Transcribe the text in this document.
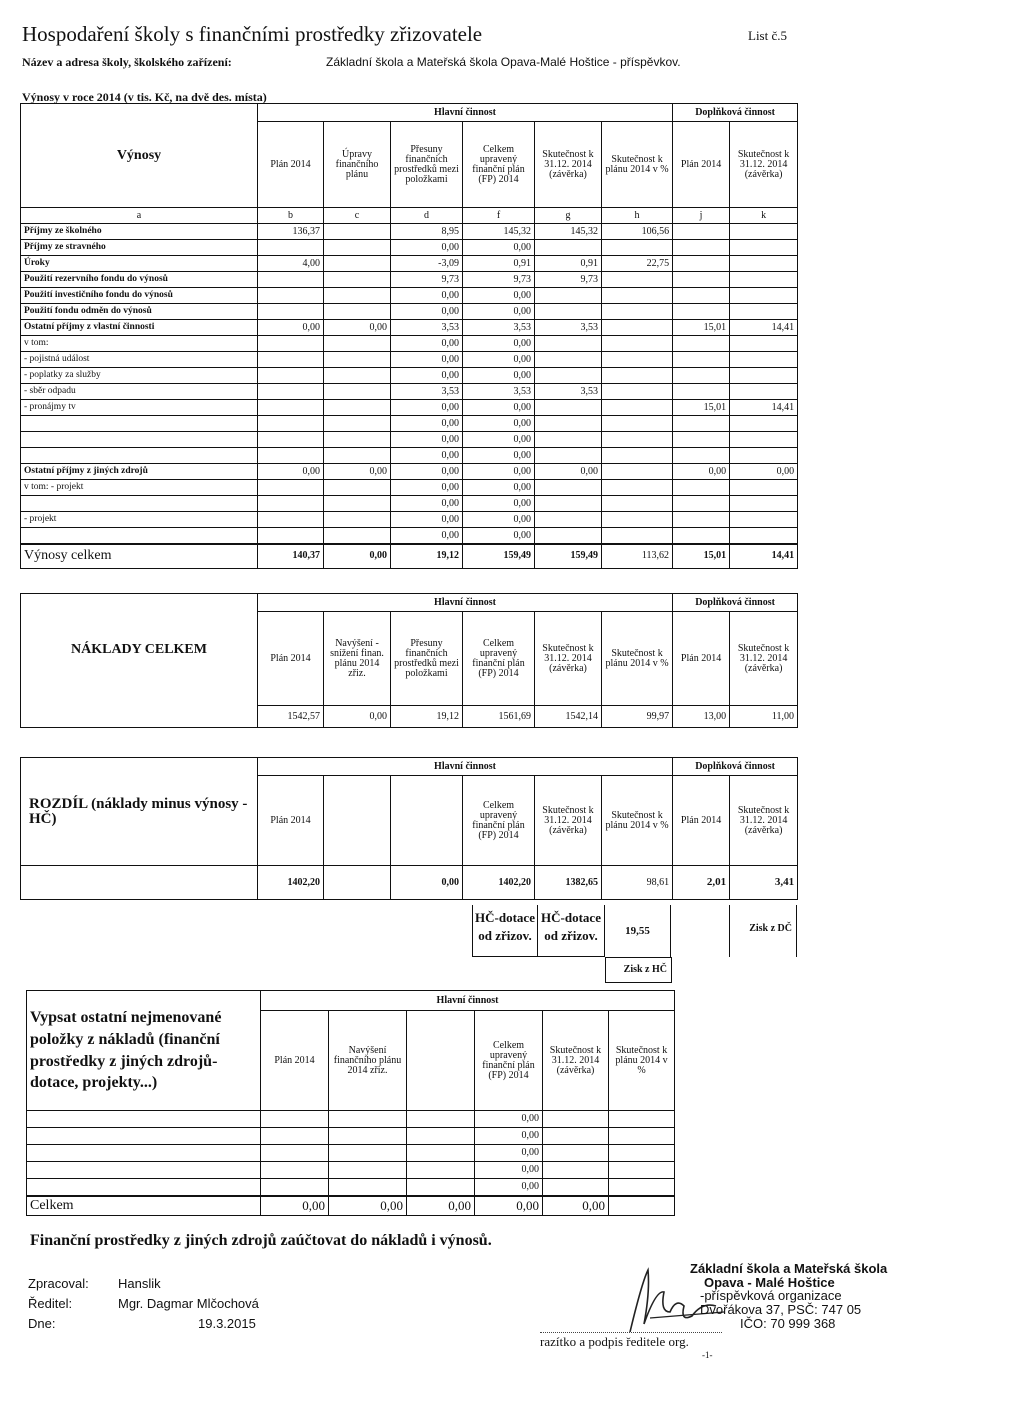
Hospodaření školy s finančními prostředky zřizovatele	List č.5
Název a adresa školy, školského zařízení:	Základní škola a Mateřská škola Opava-Malé Hoštice - příspěvkov.
Výnosy v roce 2014 (v tis. Kč, na dvě des. místa)
Výnosy	Hlavní činnost						Doplňková činnost	
	Plán 2014	Úpravy finančního plánu	Přesuny finančních prostředků mezi položkami	Celkem upravený finanční plán (FP) 2014	Skutečnost k 31.12. 2014 (závěrka)	Skutečnost k plánu 2014 v %	Plán 2014	Skutečnost k 31.12. 2014 (závěrka)
a	b	c	d	f	g	h	j	k
Příjmy ze školného	136,37		8,95	145,32	145,32	106,56		
Příjmy ze stravného			0,00	0,00				
Úroky	4,00		-3,09	0,91	0,91	22,75		
Použití rezervního fondu do výnosů			9,73	9,73	9,73			
Použití investičního fondu do výnosů			0,00	0,00				
Použití fondu odměn do výnosů			0,00	0,00				
Ostatní příjmy z vlastní činnosti	0,00	0,00	3,53	3,53	3,53		15,01	14,41
v tom:			0,00	0,00				
- pojistná událost			0,00	0,00				
- poplatky za služby			0,00	0,00				
- sběr odpadu			3,53	3,53	3,53			
- pronájmy tv			0,00	0,00			15,01	14,41
			0,00	0,00				
			0,00	0,00				
			0,00	0,00				
Ostatní příjmy z jiných zdrojů	0,00	0,00	0,00	0,00	0,00		0,00	0,00
v tom: - projekt			0,00	0,00				
			0,00	0,00				
- projekt			0,00	0,00				
			0,00	0,00				
Výnosy celkem	140,37	0,00	19,12	159,49	159,49	113,62	15,01	14,41
NÁKLADY CELKEM	Hlavní činnost						Doplňková činnost	
	Plán 2014	Navýšení - snížení finan. plánu 2014 zřiz.	Přesuny finančních prostředků mezi položkami	Celkem upravený finanční plán (FP) 2014	Skutečnost k 31.12. 2014 (závěrka)	Skutečnost k plánu 2014 v %	Plán 2014	Skutečnost k 31.12. 2014 (závěrka)
	1542,57	0,00	19,12	1561,69	1542,14	99,97	13,00	11,00
ROZDÍL (náklady minus výnosy - HČ)	Hlavní činnost						Doplňková činnost	
	Plán 2014			Celkem upravený finanční plán (FP) 2014	Skutečnost k 31.12. 2014 (závěrka)	Skutečnost k plánu 2014 v %	Plán 2014	Skutečnost k 31.12. 2014 (závěrka)
	1402,20		0,00	1402,20	1382,65	98,61	2,01	3,41
HČ-dotace od zřizov.
HČ-dotace od zřizov.	19,55
Zisk z HČ
Zisk z DČ
Vypsat ostatní nejmenované položky z nákladů (finanční prostředky z jiných zdrojů-dotace, projekty...)	Hlavní činnost					
	Plán 2014	Navýšení finančního plánu 2014 zřiz.		Celkem upravený finanční plán (FP) 2014	Skutečnost k 31.12. 2014 (závěrka)	Skutečnost k plánu 2014 v %
				0,00		
				0,00		
				0,00		
				0,00		
				0,00		
Celkem	0,00	0,00	0,00	0,00	0,00	
Finanční prostředky z jiných zdrojů zaúčtovat do nákladů i výnosů.
Zpracoval: Hanslik
Ředitel:	Mgr. Dagmar Mlčochová
Dne:	19.3.2015
razítko a podpis ředitele org.
-1-
Základní škola a Mateřská škola
Opava - Malé Hoštice
-příspěvková organizace
Dvořákova 37, PSČ: 747 05
IČO: 70 999 368
